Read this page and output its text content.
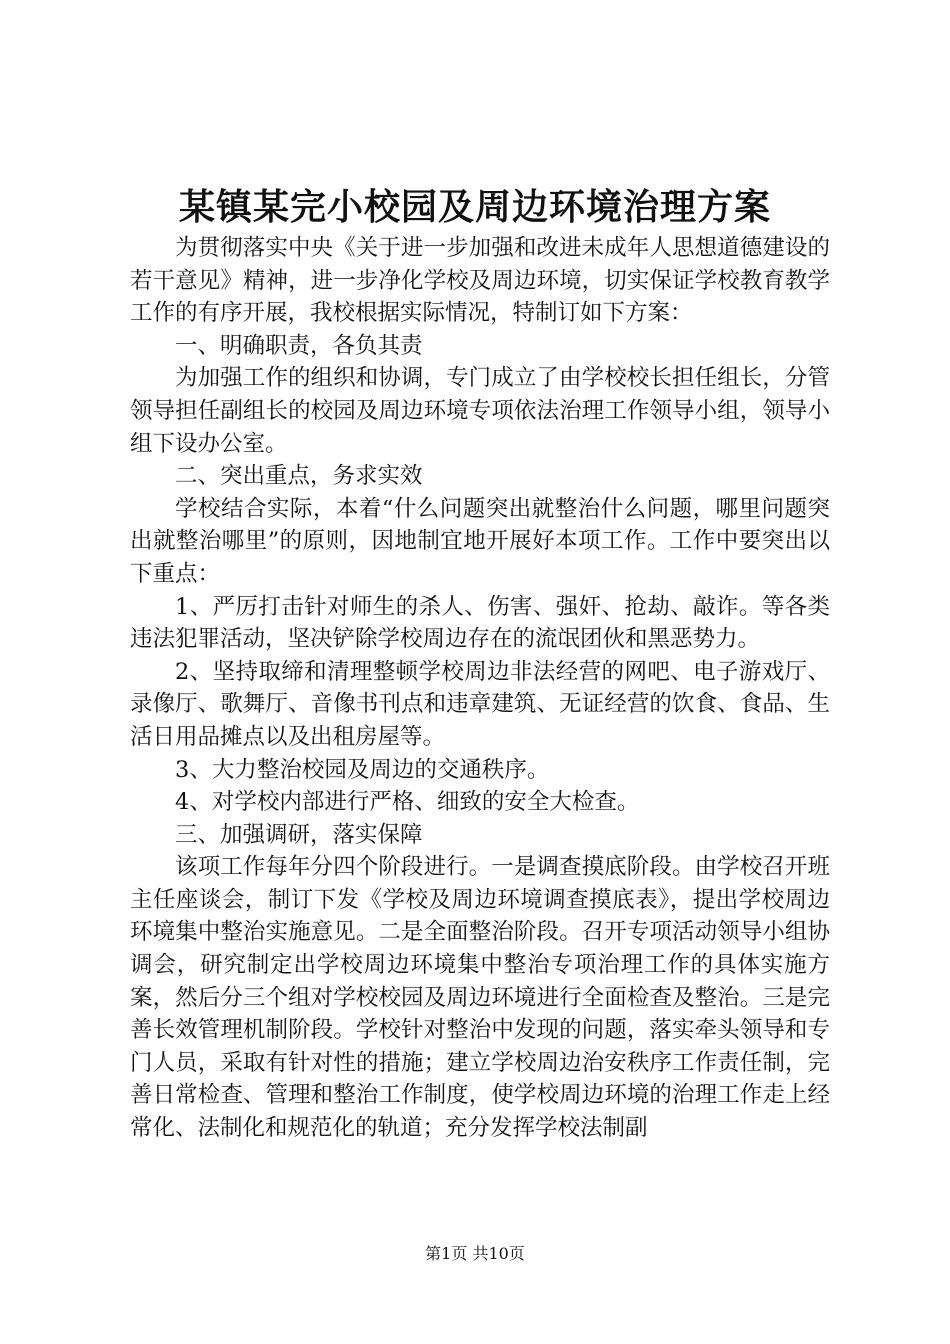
某镇某完小校园及周边环境治理方案

为贯彻落实中央《关于进一步加强和改进未成年人思想道德建设的若干意见》精神，进一步净化学校及周边环境，切实保证学校教育教学工作的有序开展，我校根据实际情况，特制订如下方案：

一、明确职责，各负其责

为加强工作的组织和协调，专门成立了由学校校长担任组长，分管领导担任副组长的校园及周边环境专项依法治理工作领导小组，领导小组下设办公室。

二、突出重点，务求实效

学校结合实际，本着“什么问题突出就整治什么问题，哪里问题突出就整治哪里”的原则，因地制宜地开展好本项工作。工作中要突出以下重点：

1、严厉打击针对师生的杀人、伤害、强奸、抢劫、敲诈。等各类违法犯罪活动，坚决铲除学校周边存在的流氓团伙和黑恶势力。

2、坚持取缔和清理整顿学校周边非法经营的网吧、电子游戏厅、录像厅、歌舞厅、音像书刊点和违章建筑、无证经营的饮食、食品、生活日用品摊点以及出租房屋等。

3、大力整治校园及周边的交通秩序。

4、对学校内部进行严格、细致的安全大检查。

三、加强调研，落实保障

该项工作每年分四个阶段进行。一是调查摸底阶段。由学校召开班主任座谈会，制订下发《学校及周边环境调查摸底表》，提出学校周边环境集中整治实施意见。二是全面整治阶段。召开专项活动领导小组协调会，研究制定出学校周边环境集中整治专项治理工作的具体实施方案，然后分三个组对学校校园及周边环境进行全面检查及整治。三是完善长效管理机制阶段。学校针对整治中发现的问题，落实牵头领导和专门人员，采取有针对性的措施；建立学校周边治安秩序工作责任制，完善日常检查、管理和整治工作制度，使学校周边环境的治理工作走上经常化、法制化和规范化的轨道；充分发挥学校法制副

第1页 共10页
